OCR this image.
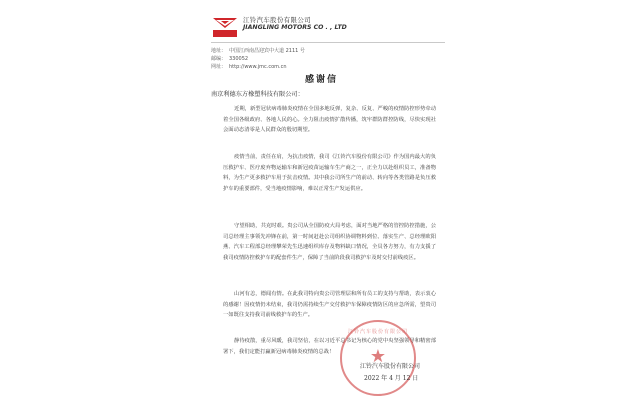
江铃汽车股份有限公司
JIANGLING MOTORS CO . , LTD
地址： 中国江西南昌迎宾中大道 2111 号
邮编： 330052
网址： http://www.jmc.com.cn
感谢信
南京利德东方橡塑科技有限公司：
近期，新型冠状病毒肺炎疫情在全国多地反弹，复杂、反复、严峻的疫情防控形势牵动着全国各级政府、各地人民的心。全力阻击疫情扩散传播，筑牢群防群控防线，尽快实现社会面动态清零是人民群众的殷切期望。
疫情当前，责任在肩，为抗击疫情，我司《江铃汽车股份有限公司》作为国内最大的负压救护车、医疗废弃物运输车和新冠疫苗运输车生产商之一，正全力以赴组织员工，准备物料，为生产更多救护车用于抗击疫情。其中我公司所生产的前动、转向等各类管路是负压救护车的重要部件，受当地疫情影响，难以正常生产发运供应。
守望相助，共克时艰。贵公司从全国防疫大局考虑，面对当地严格的管控防控措施，公司总经理主事领先冲锋在前，第一时间赶赴公司组织协调物料到位、落实生产、总经理欧阳燕、汽车工程部总经理攀荣先生迅速组织库存及物料缺口情况，全员各方努力，有力支援了我司疫情防控救护车的配套件生产，保障了当前阶段我司救护车及时交付前线疫区。
山河有恙，德闻有情。在此我司特向贵公司管理层和所有员工的支持与帮助，表示衷心的感谢！因疫情仍未结束，我司仍需持续生产交付救护车保障疫情防区的应急所需，望贵司一如既往支持我司前线救护车的生产。
静待疫散，重尽风暖，我司坚信，在以习近平总书记为核心的党中央坚强领导和精密部署下，我们定能打赢新冠病毒肺炎疫情的总战！
江铃汽车股份有限公司
★
江铃汽车股份有限公司
2022 年 4 月 12 日
